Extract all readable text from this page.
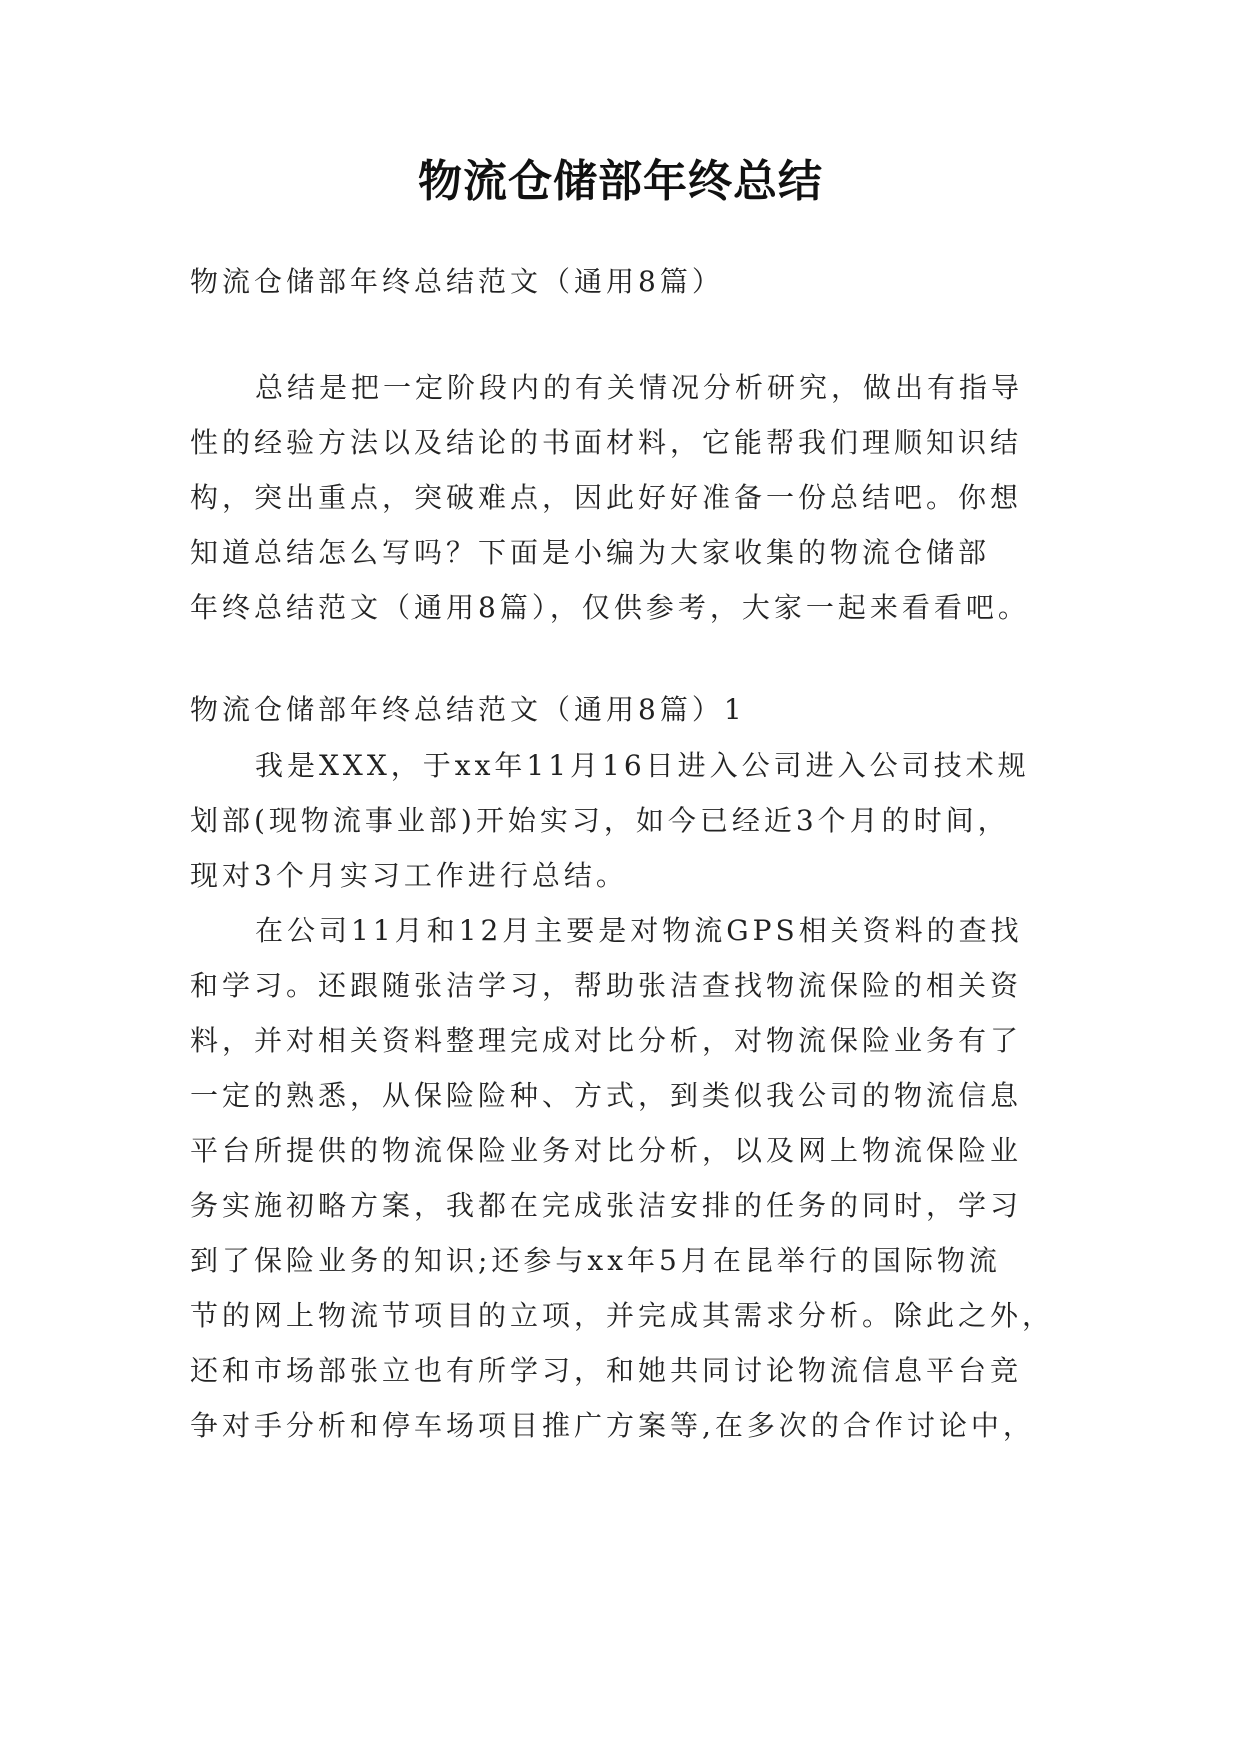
物流仓储部年终总结
物流仓储部年终总结范文（通用8篇）
总结是把一定阶段内的有关情况分析研究，做出有指导
性的经验方法以及结论的书面材料，它能帮我们理顺知识结
构，突出重点，突破难点，因此好好准备一份总结吧。你想
知道总结怎么写吗？下面是小编为大家收集的物流仓储部
年终总结范文（通用8篇），仅供参考，大家一起来看看吧。
物流仓储部年终总结范文（通用8篇）1
我是XXX，于xx年11月16日进入公司进入公司技术规
划部(现物流事业部)开始实习，如今已经近3个月的时间，
现对3个月实习工作进行总结。
在公司11月和12月主要是对物流GPS相关资料的查找
和学习。还跟随张洁学习，帮助张洁查找物流保险的相关资
料，并对相关资料整理完成对比分析，对物流保险业务有了
一定的熟悉，从保险险种、方式，到类似我公司的物流信息
平台所提供的物流保险业务对比分析，以及网上物流保险业
务实施初略方案，我都在完成张洁安排的任务的同时，学习
到了保险业务的知识;还参与xx年5月在昆举行的国际物流
节的网上物流节项目的立项，并完成其需求分析。除此之外，
还和市场部张立也有所学习，和她共同讨论物流信息平台竞
争对手分析和停车场项目推广方案等,在多次的合作讨论中，
